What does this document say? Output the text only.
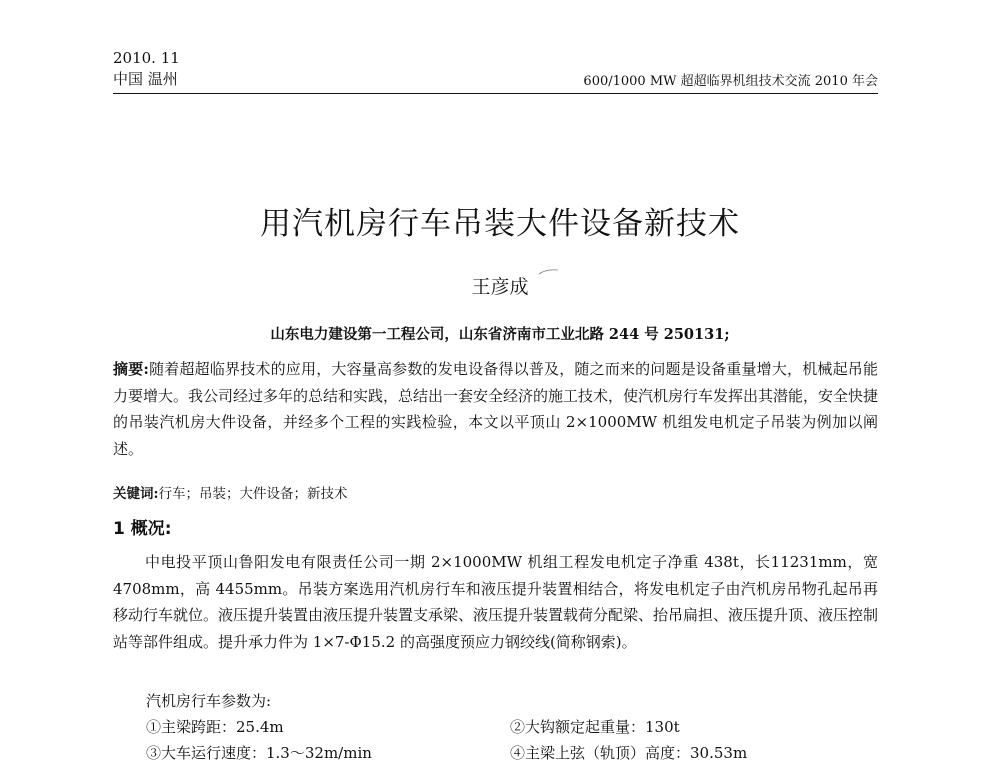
2010. 11
中国 温州	600/1000 MW 超超临界机组技术交流 2010 年会
用汽机房行车吊装大件设备新技术
王彦成
山东电力建设第一工程公司，山东省济南市工业北路 244 号 250131;
摘要:随着超超临界技术的应用，大容量高参数的发电设备得以普及，随之而来的问题是设备重量增大，机械起吊能力要增大。我公司经过多年的总结和实践，总结出一套安全经济的施工技术，使汽机房行车发挥出其潜能，安全快捷的吊装汽机房大件设备，并经多个工程的实践检验，本文以平顶山 2×1000MW 机组发电机定子吊装为例加以阐述。
关键词:行车；吊装；大件设备；新技术
1 概况:
中电投平顶山鲁阳发电有限责任公司一期 2×1000MW 机组工程发电机定子净重 438t，长11231mm，宽 4708mm，高 4455mm。吊装方案选用汽机房行车和液压提升装置相结合，将发电机定子由汽机房吊物孔起吊再移动行车就位。液压提升装置由液压提升装置支承梁、液压提升装置载荷分配梁、抬吊扁担、液压提升顶、液压控制站等部件组成。提升承力件为 1×7-Φ15.2 的高强度预应力钢绞线(简称钢索)。
汽机房行车参数为:
①主梁跨距：25.4m	②大钩额定起重量：130t
③大车运行速度：1.3～32m/min	④主梁上弦（轨顶）高度：30.53m
